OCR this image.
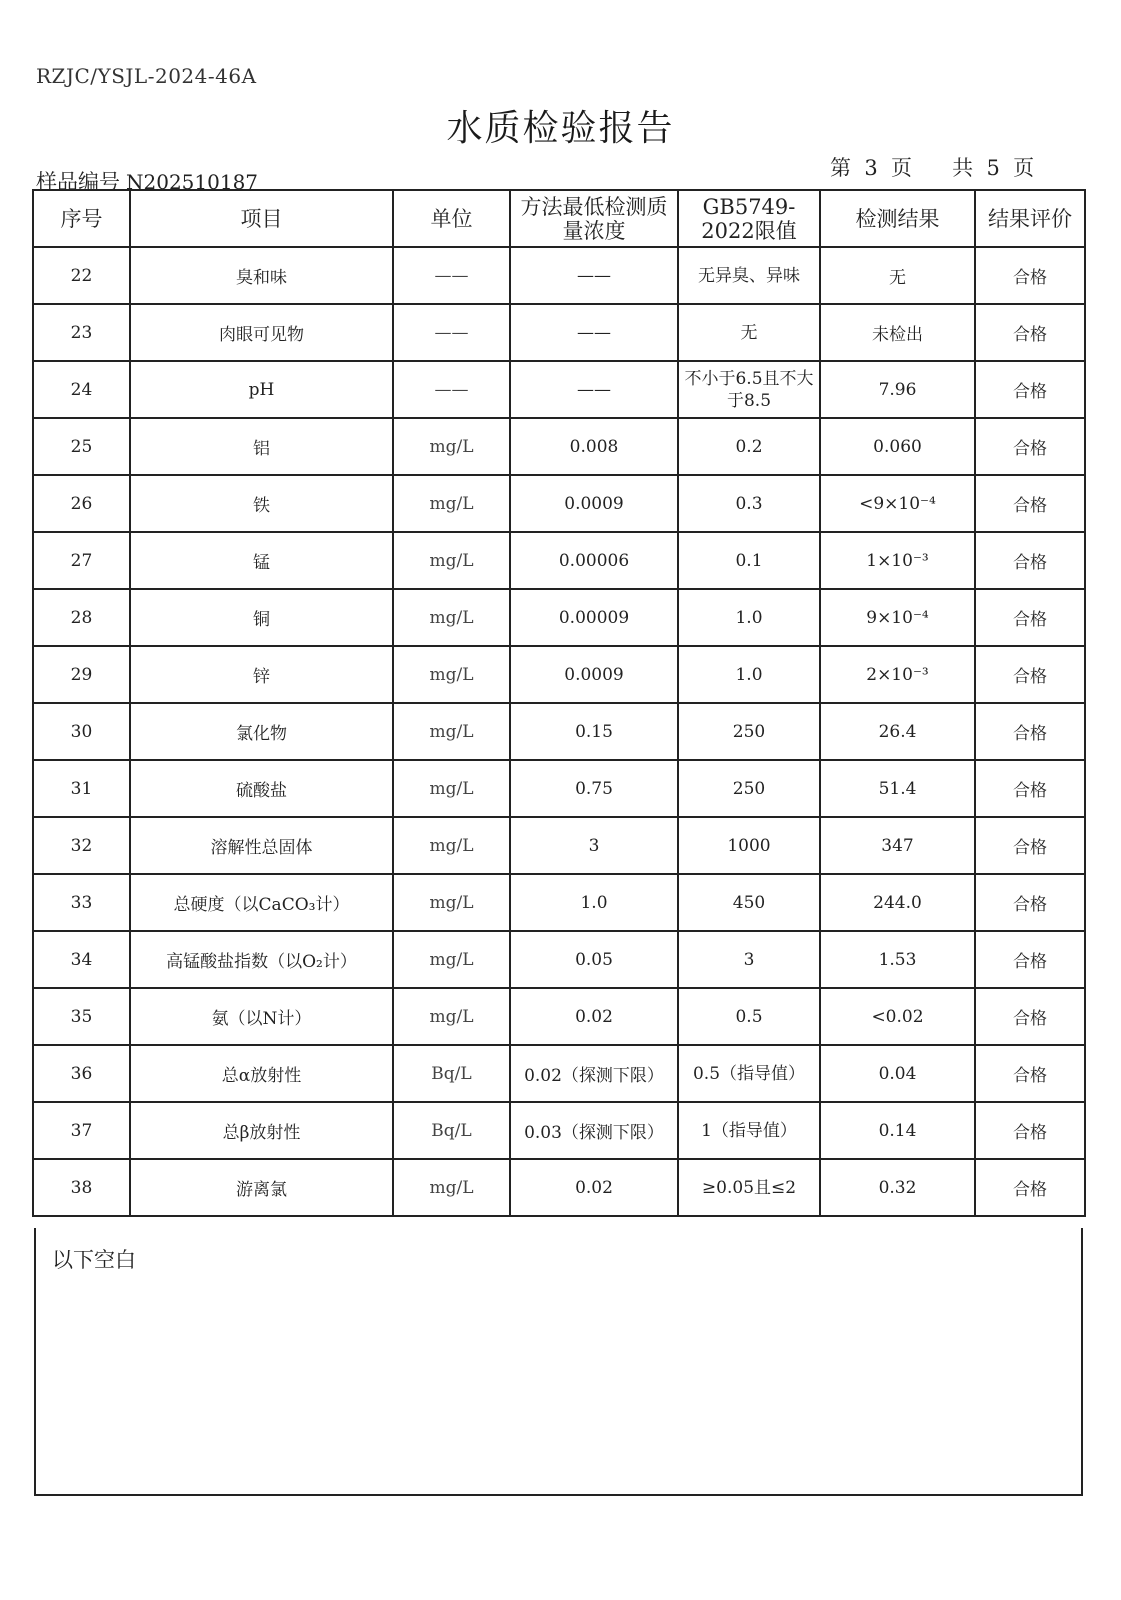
RZJC/YSJL-2024-46A
水质检验报告
样品编号 N202510187
第  3  页      共  5  页
序号	项目	单位	方法最低检测质量浓度	GB5749-2022限值	检测结果	结果评价
22	臭和味	——	——	无异臭、异味	无	合格
23	肉眼可见物	——	——	无	未检出	合格
24	pH	——	——	不小于6.5且不大于8.5	7.96	合格
25	铝	mg/L	0.008	0.2	0.060	合格
26	铁	mg/L	0.0009	0.3	<9×10⁻⁴	合格
27	锰	mg/L	0.00006	0.1	1×10⁻³	合格
28	铜	mg/L	0.00009	1.0	9×10⁻⁴	合格
29	锌	mg/L	0.0009	1.0	2×10⁻³	合格
30	氯化物	mg/L	0.15	250	26.4	合格
31	硫酸盐	mg/L	0.75	250	51.4	合格
32	溶解性总固体	mg/L	3	1000	347	合格
33	总硬度（以CaCO₃计）	mg/L	1.0	450	244.0	合格
34	高锰酸盐指数（以O₂计）	mg/L	0.05	3	1.53	合格
35	氨（以N计）	mg/L	0.02	0.5	<0.02	合格
36	总α放射性	Bq/L	0.02（探测下限）	0.5（指导值）	0.04	合格
37	总β放射性	Bq/L	0.03（探测下限）	1（指导值）	0.14	合格
38	游离氯	mg/L	0.02	≥0.05且≤2	0.32	合格
以下空白
